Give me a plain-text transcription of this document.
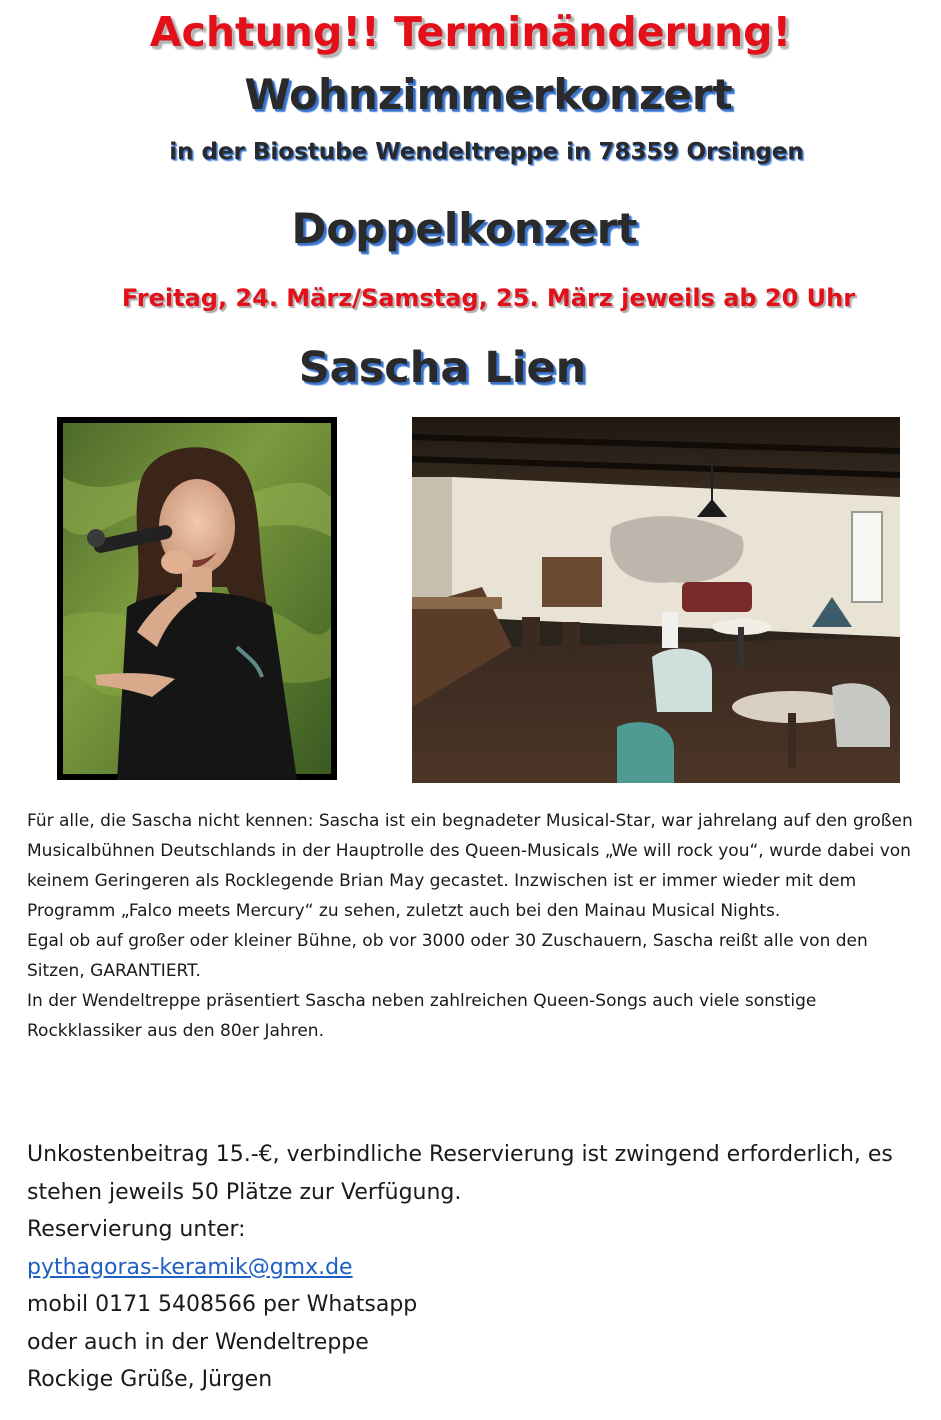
Achtung!! Terminänderung!
Wohnzimmerkonzert
in der Biostube Wendeltreppe in 78359 Orsingen
Doppelkonzert
Freitag, 24. März/Samstag, 25. März jeweils ab 20 Uhr
Sascha Lien

Für alle, die Sascha nicht kennen: Sascha ist ein begnadeter Musical-Star, war jahrelang auf den großen Musicalbühnen Deutschlands in der Hauptrolle des Queen-Musicals „We will rock you“, wurde dabei von keinem Geringeren als Rocklegende Brian May gecastet. Inzwischen ist er immer wieder mit dem Programm „Falco meets Mercury“ zu sehen, zuletzt auch bei den Mainau Musical Nights.

Egal ob auf großer oder kleiner Bühne, ob vor 3000 oder 30 Zuschauern, Sascha reißt alle von den Sitzen, GARANTIERT.

In der Wendeltreppe präsentiert Sascha neben zahlreichen Queen-Songs auch viele sonstige Rockklassiker aus den 80er Jahren.

Unkostenbeitrag 15.-€, verbindliche Reservierung ist zwingend erforderlich, es stehen jeweils 50 Plätze zur Verfügung.

Reservierung unter:

pythagoras-keramik@gmx.de

mobil 0171 5408566 per Whatsapp

oder auch in der Wendeltreppe

Rockige Grüße, Jürgen
